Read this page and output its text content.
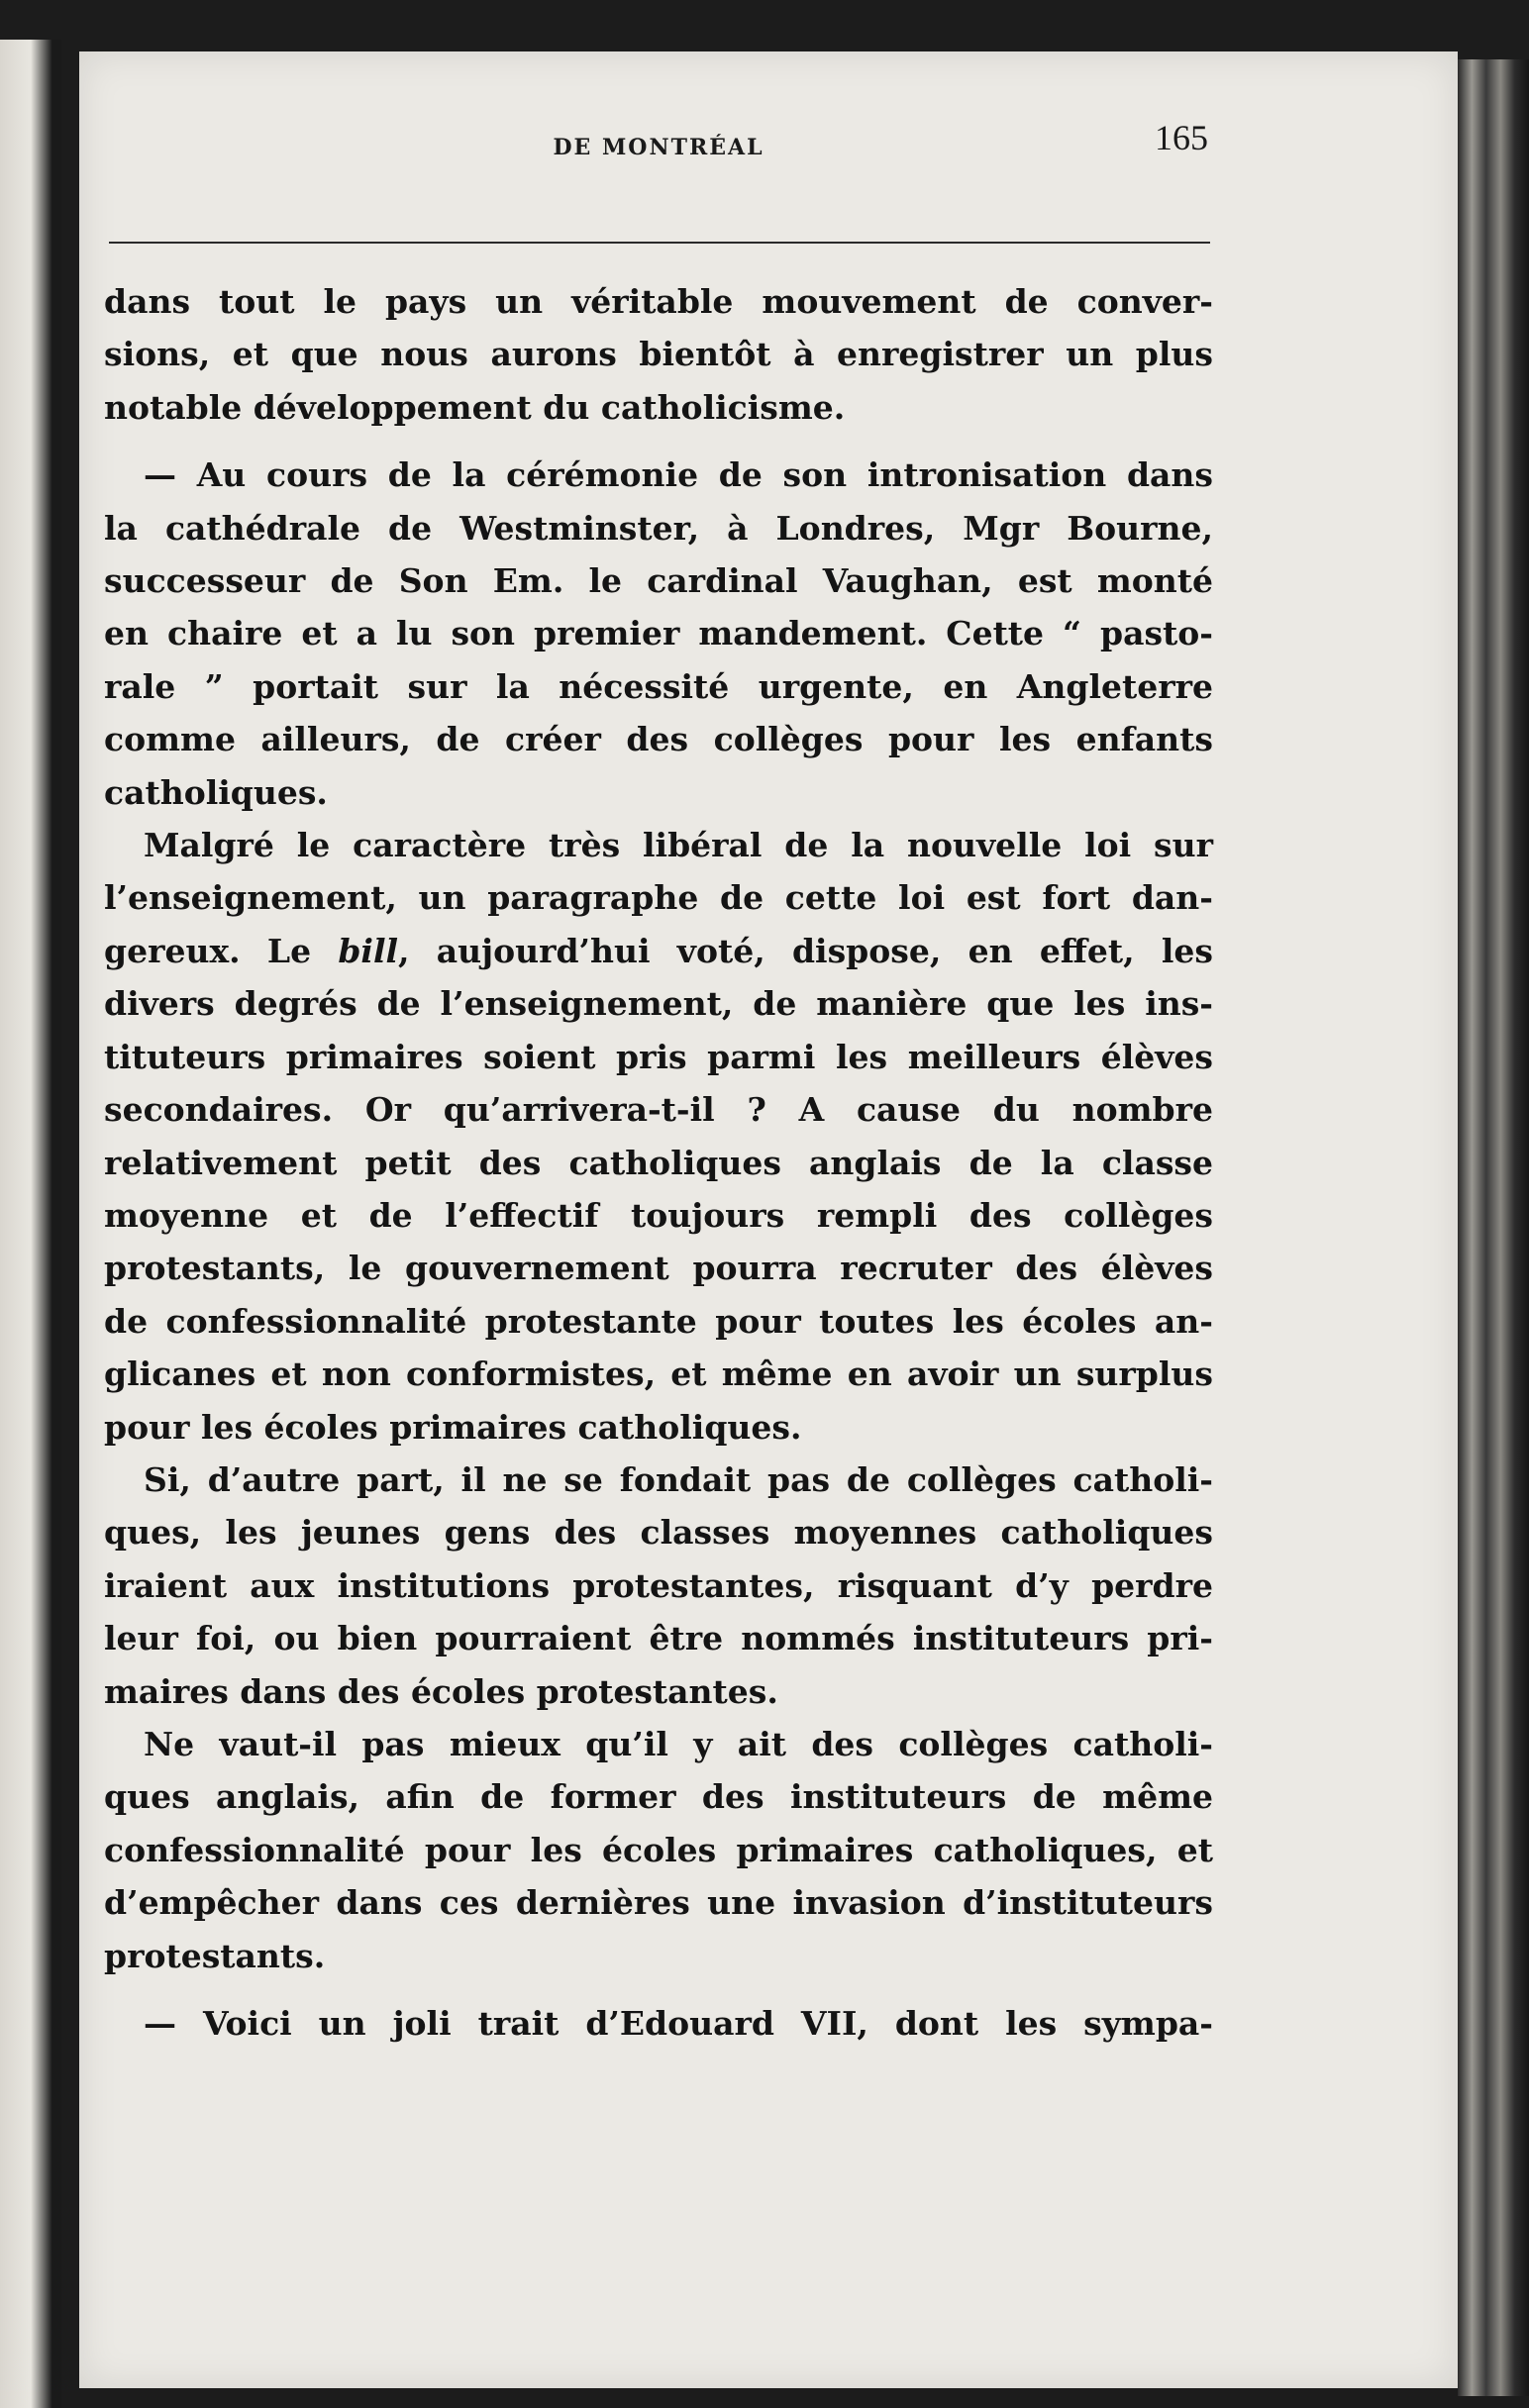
DE MONTRÉAL	165
dans tout le pays un véritable mouvement de conver-
sions, et que nous aurons bientôt à enregistrer un plus
notable développement du catholicisme.
— Au cours de la cérémonie de son intronisation dans
la cathédrale de Westminster, à Londres, Mgr Bourne,
successeur de Son Em. le cardinal Vaughan, est monté
en chaire et a lu son premier mandement. Cette “ pasto-
rale ” portait sur la nécessité urgente, en Angleterre
comme ailleurs, de créer des collèges pour les enfants
catholiques.
Malgré le caractère très libéral de la nouvelle loi sur
l’enseignement, un paragraphe de cette loi est fort dan-
gereux. Le bill, aujourd’hui voté, dispose, en effet, les
divers degrés de l’enseignement, de manière que les ins-
tituteurs primaires soient pris parmi les meilleurs élèves
secondaires. Or qu’arrivera-t-il ? A cause du nombre
relativement petit des catholiques anglais de la classe
moyenne et de l’effectif toujours rempli des collèges
protestants, le gouvernement pourra recruter des élèves
de confessionnalité protestante pour toutes les écoles an-
glicanes et non conformistes, et même en avoir un surplus
pour les écoles primaires catholiques.
Si, d’autre part, il ne se fondait pas de collèges catholi-
ques, les jeunes gens des classes moyennes catholiques
iraient aux institutions protestantes, risquant d’y perdre
leur foi, ou bien pourraient être nommés instituteurs pri-
maires dans des écoles protestantes.
Ne vaut-il pas mieux qu’il y ait des collèges catholi-
ques anglais, afin de former des instituteurs de même
confessionnalité pour les écoles primaires catholiques, et
d’empêcher dans ces dernières une invasion d’instituteurs
protestants.
— Voici un joli trait d’Edouard VII, dont les sympa-
